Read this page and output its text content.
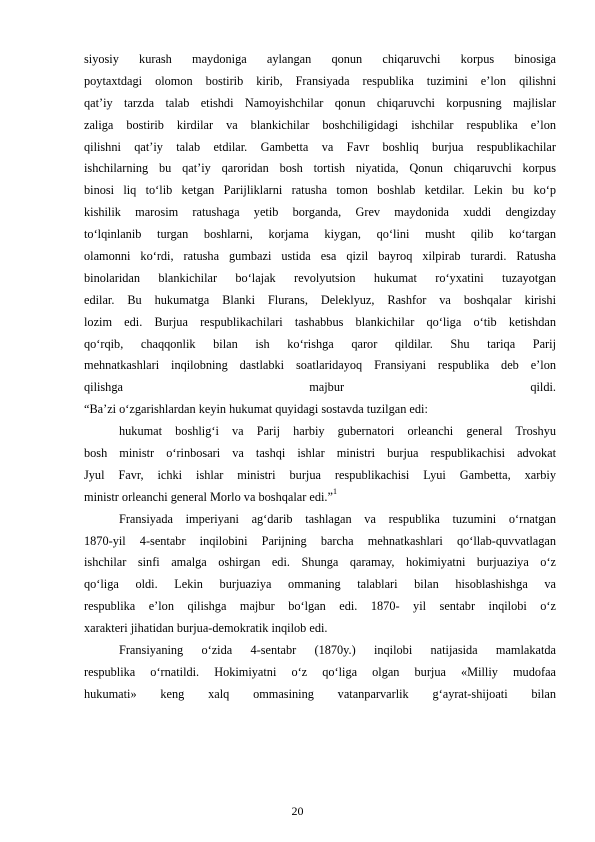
siyosiy kurash maydoniga aylangan qonun chiqaruvchi korpus binosiga
poytaxtdagi olomon bostirib kirib, Fransiyada respublika tuzimini e’lon qilishni
qat’iy tarzda talab etishdi Namoyishchilar qonun chiqaruvchi korpusning majlislar
zaliga bostirib kirdilar va blankichilar boshchiligidagi ishchilar respublika e’lon
qilishni qat’iy talab etdilar. Gambetta va Favr boshliq burjua respublikachilar
ishchilarning bu qat’iy qaroridan bosh tortish niyatida, Qonun chiqaruvchi korpus
binosi liq to‘lib ketgan Parijliklarni ratusha tomon boshlab ketdilar. Lekin bu ko‘p
kishilik marosim ratushaga yetib borganda, Grev maydonida xuddi dengizday
to‘lqinlanib turgan boshlarni, korjama kiygan, qo‘lini musht qilib ko‘targan
olamonni ko‘rdi, ratusha gumbazi ustida esa qizil bayroq xilpirab turardi. Ratusha
binolaridan blankichilar bo‘lajak revolyutsion hukumat ro‘yxatini tuzayotgan
edilar. Bu hukumatga Blanki Flurans, Deleklyuz, Rashfor va boshqalar kirishi
lozim edi. Burjua respublikachilari tashabbus blankichilar qo‘liga o‘tib ketishdan
qo‘rqib, chaqqonlik bilan ish ko‘rishga qaror qildilar. Shu tariqa Parij
mehnatkashlari inqilobning dastlabki soatlaridayoq Fransiyani respublika deb e’lon
qilishga majbur qildi.
“Ba’zi o‘zgarishlardan keyin hukumat quyidagi sostavda tuzilgan edi:
hukumat boshlig‘i va Parij harbiy gubernatori orleanchi general Troshyu
bosh ministr o‘rinbosari va tashqi ishlar ministri burjua respublikachisi advokat
Jyul Favr, ichki ishlar ministri burjua respublikachisi Lyui Gambetta, xarbiy
ministr orleanchi general Morlo va boshqalar edi.”$^1$
Fransiyada imperiyani ag‘darib tashlagan va respublika tuzumini o‘rnatgan
1870-yil 4-sentabr inqilobini Parijning barcha mehnatkashlari qo‘llab-quvvatlagan
ishchilar sinfi amalga oshirgan edi. Shunga qaramay, hokimiyatni burjuaziya o‘z
qo‘liga oldi. Lekin burjuaziya ommaning talablari bilan hisoblashishga va
respublika e’lon qilishga majbur bo‘lgan edi. 1870- yil sentabr inqilobi o‘z
xarakteri jihatidan burjua-demokratik inqilob edi.
Fransiyaning o‘zida 4-sentabr (1870y.) inqilobi natijasida mamlakatda
respublika o‘rnatildi. Hokimiyatni o‘z qo‘liga olgan burjua «Milliy mudofaa
hukumati» keng xalq ommasining vatanparvarlik g‘ayrat-shijoati bilan
20
